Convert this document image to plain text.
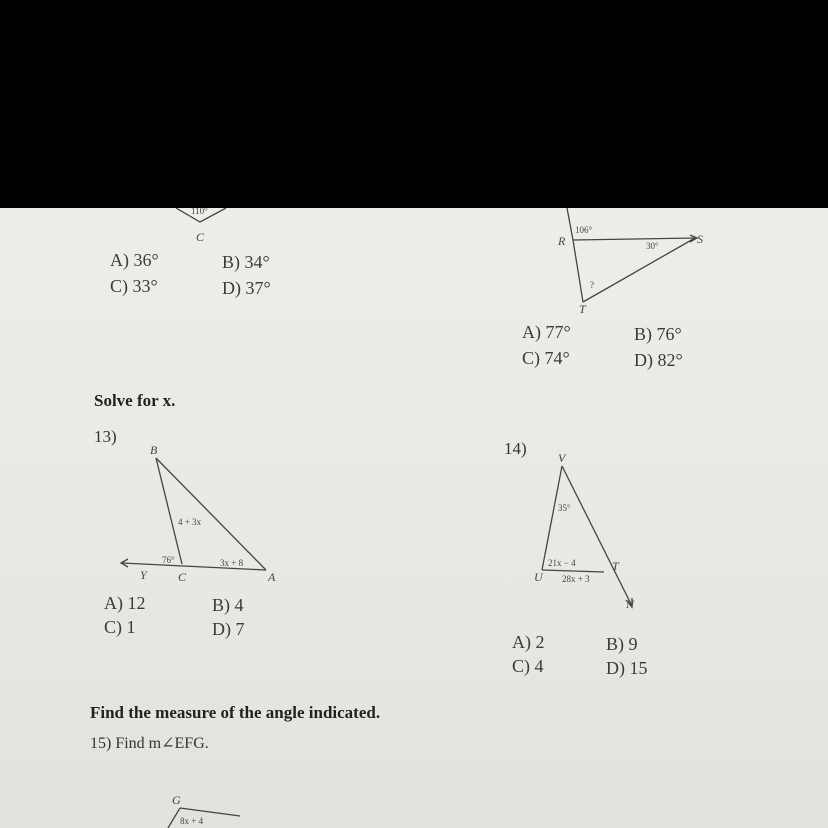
C
110°
A) 36°	B) 34°
C) 33°	D) 37°
106°
30°
?
R	S
T
A) 77°	B) 76°
C) 74°	D) 82°
Solve for x.
13)
B
4 + 3x
76°	3x + 8
Y	C	A
A) 12	B) 4
C) 1	D) 7
14)	V
35°
21x − 4
U 28x + 3
T
N
A) 2	B) 9
C) 4	D) 15
Find the measure of the angle indicated.
15) Find m∠EFG.
G
8x + 4
